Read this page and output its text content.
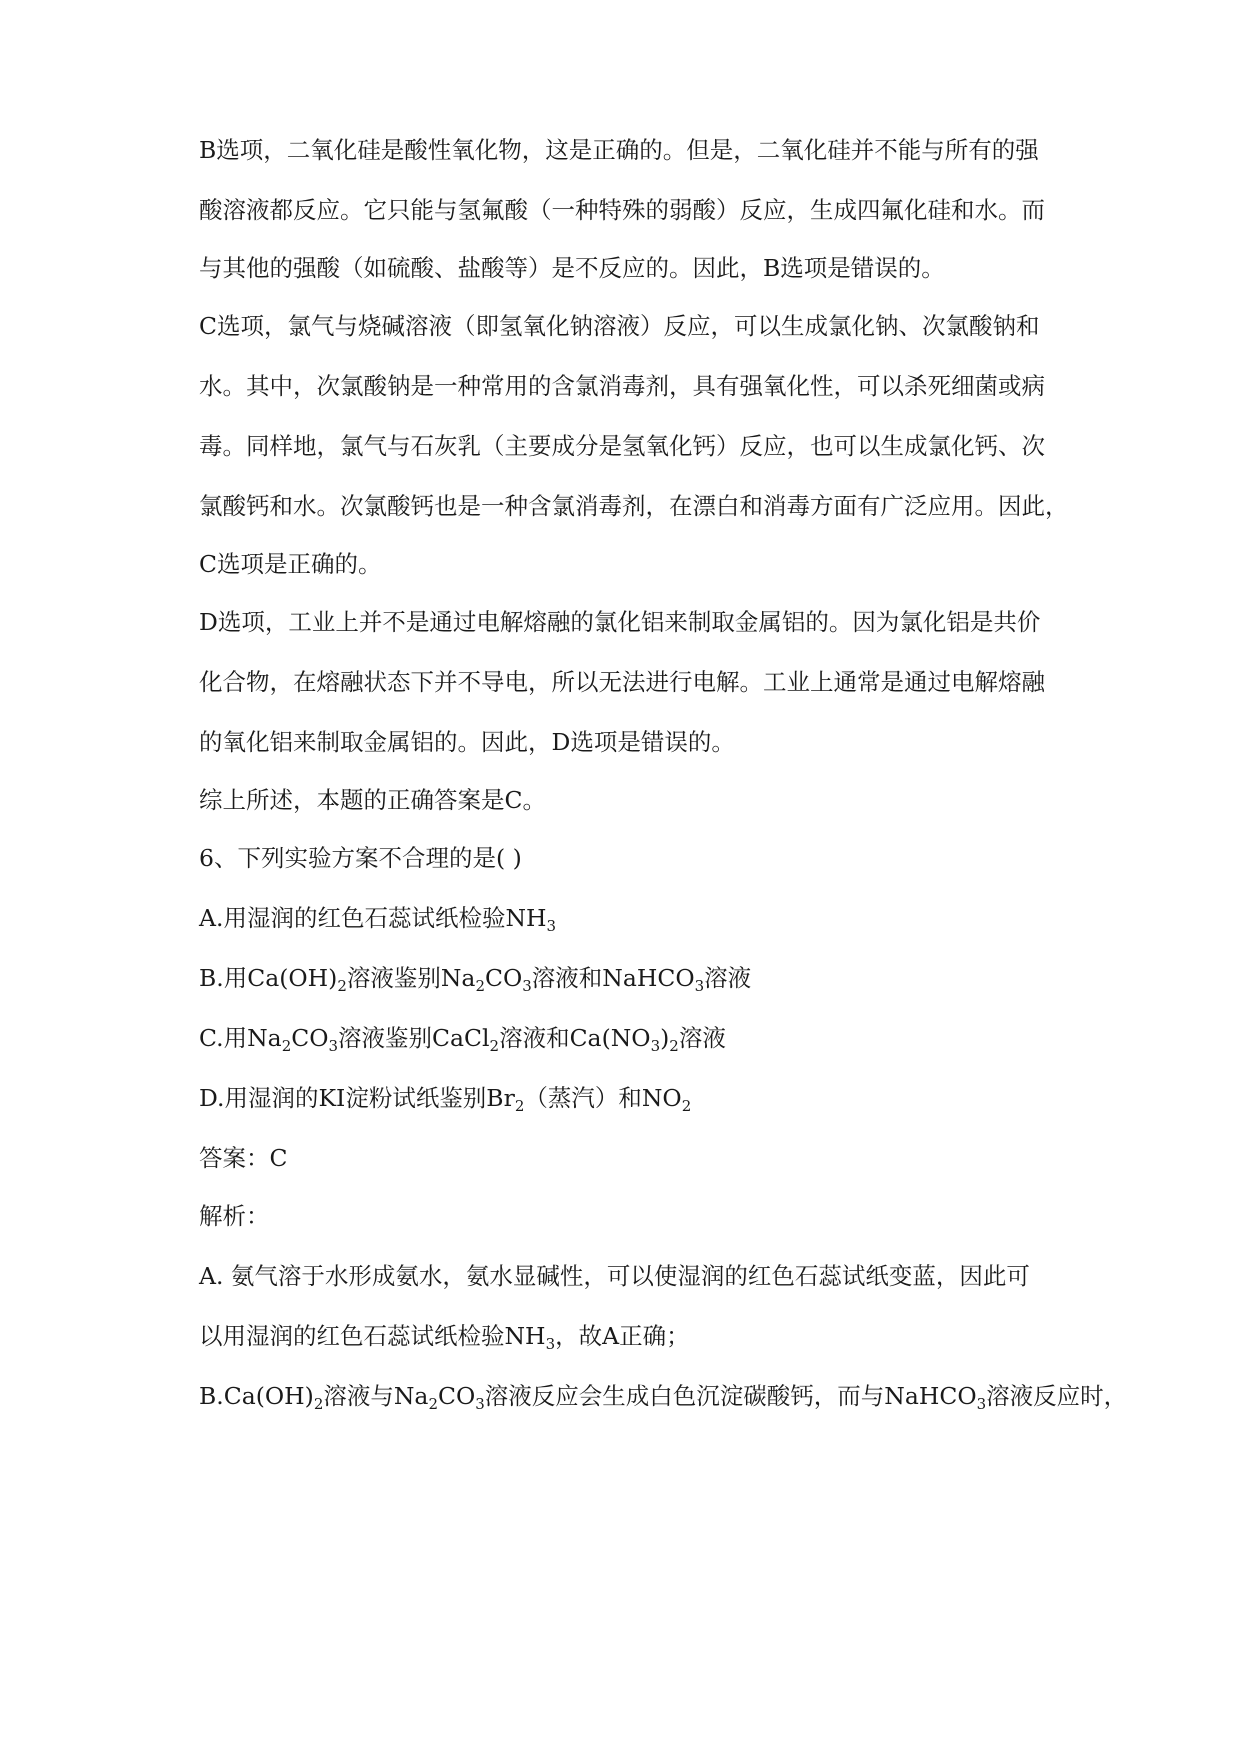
B选项，二氧化硅是酸性氧化物，这是正确的。但是，二氧化硅并不能与所有的强
酸溶液都反应。它只能与氢氟酸（一种特殊的弱酸）反应，生成四氟化硅和水。而
与其他的强酸（如硫酸、盐酸等）是不反应的。因此，B选项是错误的。
C选项，氯气与烧碱溶液（即氢氧化钠溶液）反应，可以生成氯化钠、次氯酸钠和
水。其中，次氯酸钠是一种常用的含氯消毒剂，具有强氧化性，可以杀死细菌或病
毒。同样地，氯气与石灰乳（主要成分是氢氧化钙）反应，也可以生成氯化钙、次
氯酸钙和水。次氯酸钙也是一种含氯消毒剂，在漂白和消毒方面有广泛应用。因此，
C选项是正确的。
D选项，工业上并不是通过电解熔融的氯化铝来制取金属铝的。因为氯化铝是共价
化合物，在熔融状态下并不导电，所以无法进行电解。工业上通常是通过电解熔融
的氧化铝来制取金属铝的。因此，D选项是错误的。
综上所述，本题的正确答案是C。
6、下列实验方案不合理的是( )
A.用湿润的红色石蕊试纸检验$NH_3$
B.用$Ca(OH)_2$溶液鉴别$Na_2CO_3$溶液和NaHCO$_3$溶液
C.用$Na_2CO_3$溶液鉴别CaCl$_2$溶液和$Ca(NO_3)_2$溶液
D.用湿润的KI淀粉试纸鉴别$Br_2$（蒸汽）和$NO_2$
答案：C
解析：
A. 氨气溶于水形成氨水，氨水显碱性，可以使湿润的红色石蕊试纸变蓝，因此可
以用湿润的红色石蕊试纸检验$NH_3$，故A正确；
$B.Ca(OH)_2$溶液与$Na_2CO_3$溶液反应会生成白色沉淀碳酸钙，而与NaHCO$_3$溶液反应时，
